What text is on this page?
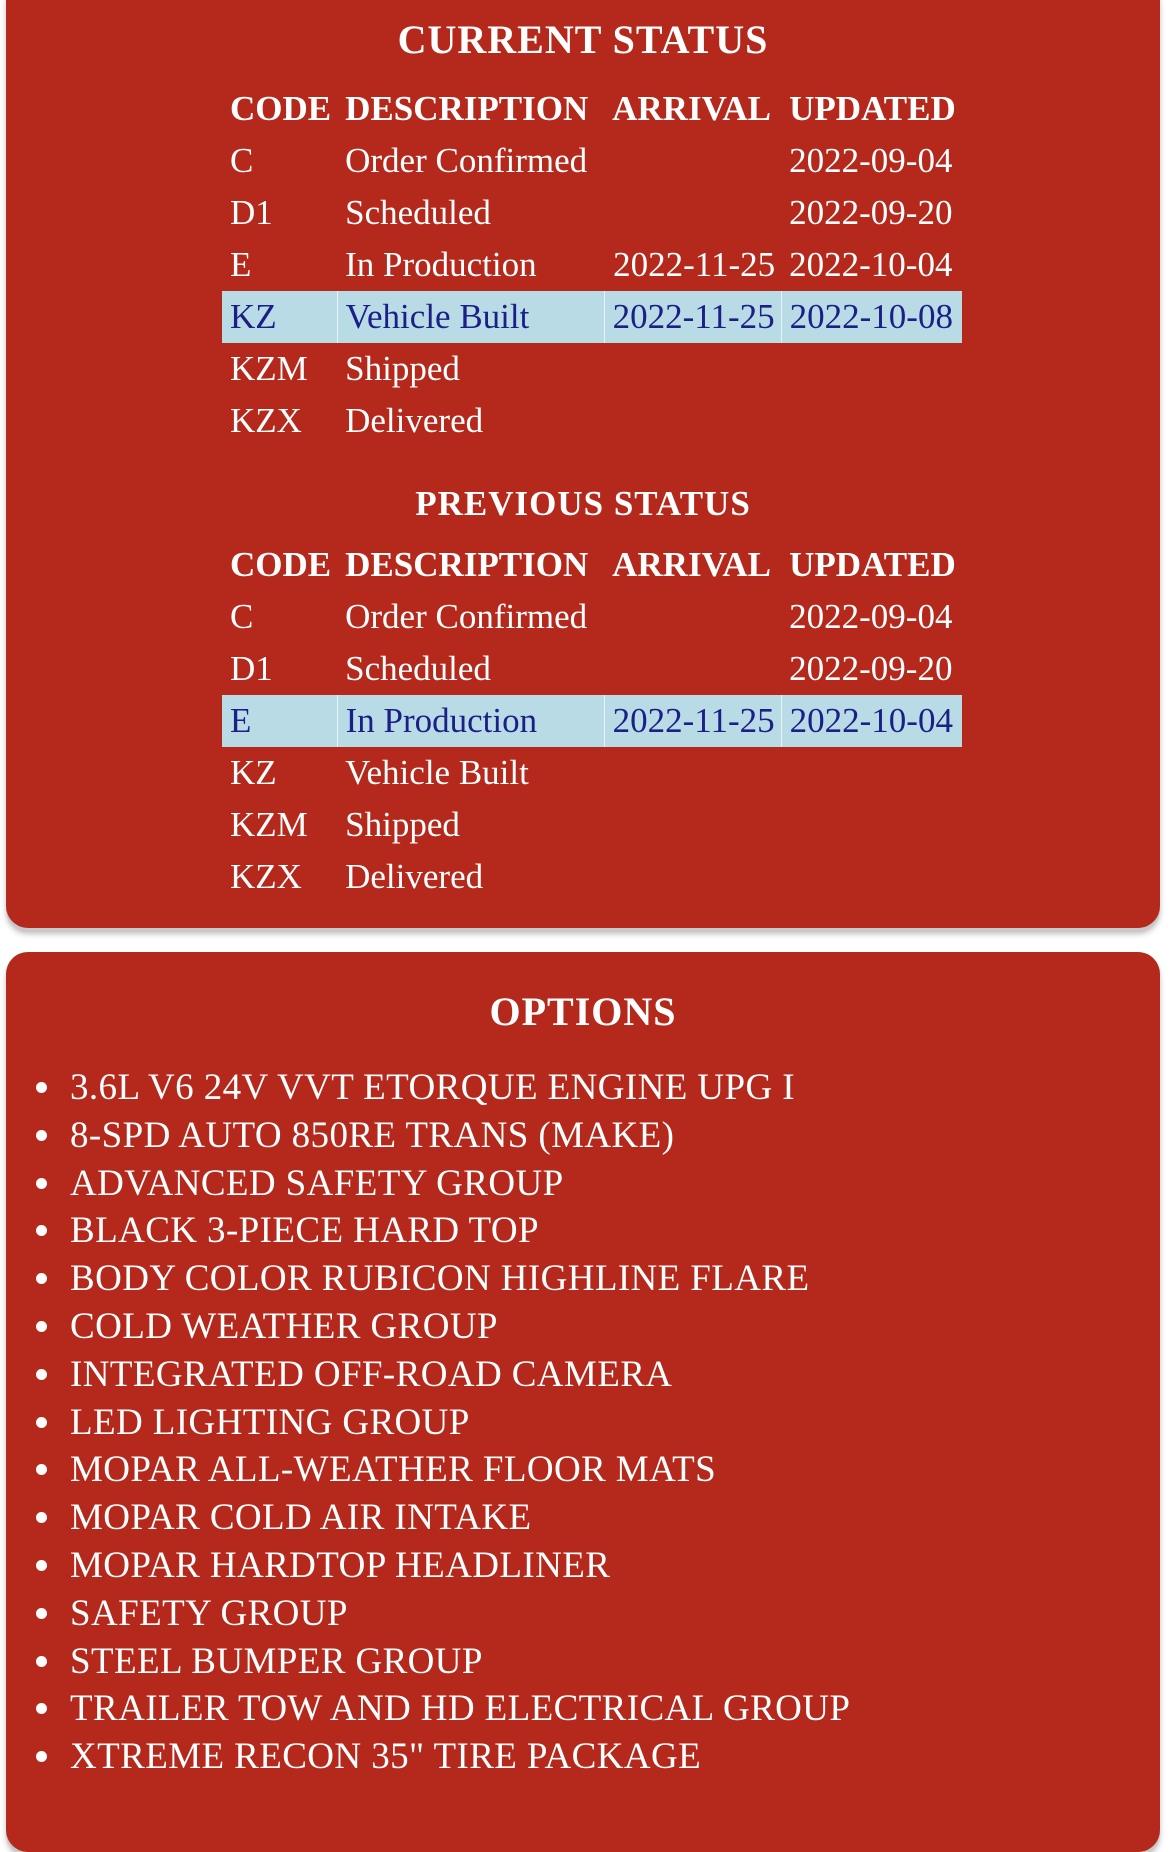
CURRENT STATUS
CODE	DESCRIPTION	ARRIVAL	UPDATED
C	Order Confirmed		2022-09-04
D1	Scheduled		2022-09-20
E	In Production	2022-11-25	2022-10-04
KZ	Vehicle Built	2022-11-25	2022-10-08
KZM	Shipped		
KZX	Delivered		
PREVIOUS STATUS
CODE	DESCRIPTION	ARRIVAL	UPDATED
C	Order Confirmed		2022-09-04
D1	Scheduled		2022-09-20
E	In Production	2022-11-25	2022-10-04
KZ	Vehicle Built		
KZM	Shipped		
KZX	Delivered		
OPTIONS
3.6L V6 24V VVT ETORQUE ENGINE UPG I
8-SPD AUTO 850RE TRANS (MAKE)
ADVANCED SAFETY GROUP
BLACK 3-PIECE HARD TOP
BODY COLOR RUBICON HIGHLINE FLARE
COLD WEATHER GROUP
INTEGRATED OFF-ROAD CAMERA
LED LIGHTING GROUP
MOPAR ALL-WEATHER FLOOR MATS
MOPAR COLD AIR INTAKE
MOPAR HARDTOP HEADLINER
SAFETY GROUP
STEEL BUMPER GROUP
TRAILER TOW AND HD ELECTRICAL GROUP
XTREME RECON 35" TIRE PACKAGE
